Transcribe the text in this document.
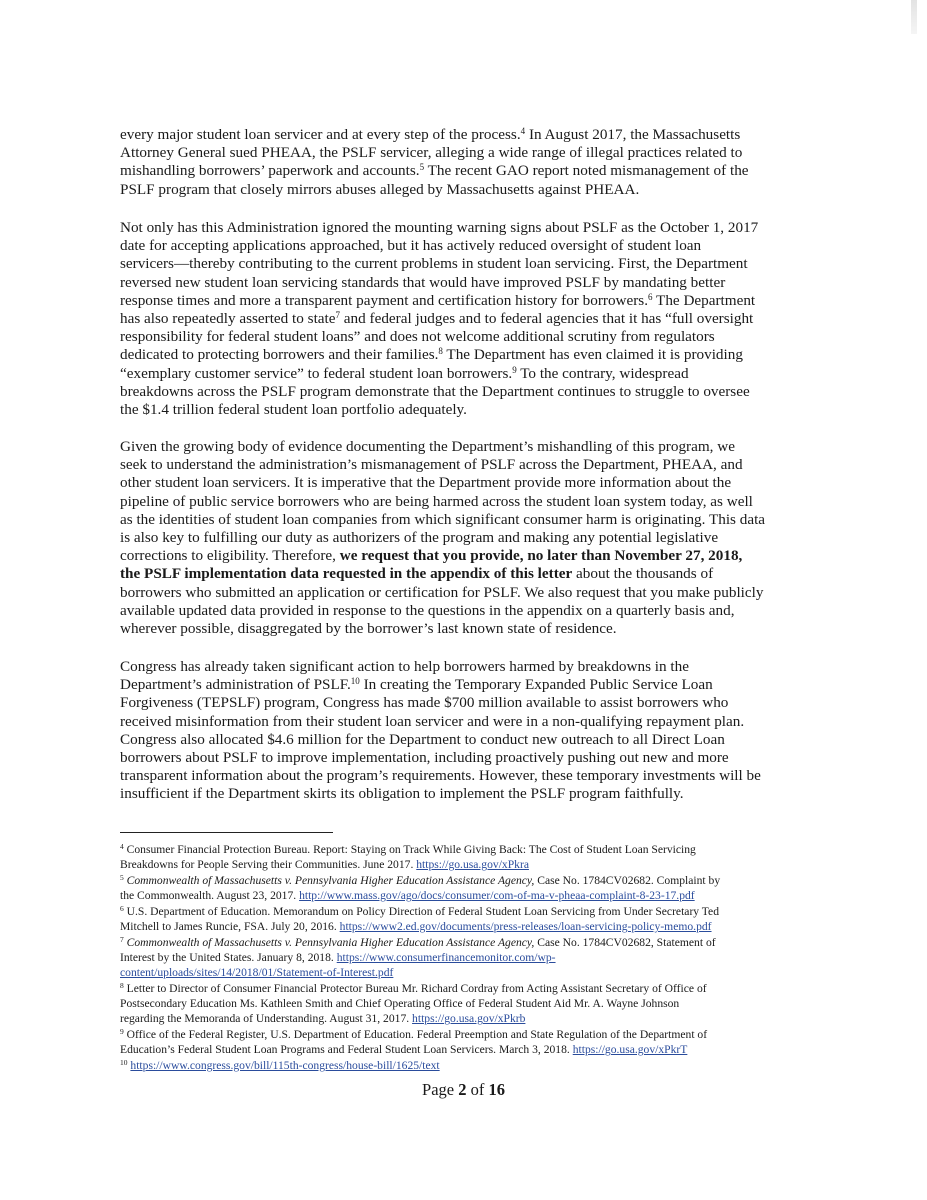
every major student loan servicer and at every step of the process.$^4$ In August 2017, the Massachusetts
Attorney General sued PHEAA, the PSLF servicer, alleging a wide range of illegal practices related to
mishandling borrowers’ paperwork and accounts.$^5$ The recent GAO report noted mismanagement of the
PSLF program that closely mirrors abuses alleged by Massachusetts against PHEAA.
Not only has this Administration ignored the mounting warning signs about PSLF as the October 1, 2017
date for accepting applications approached, but it has actively reduced oversight of student loan
servicers—thereby contributing to the current problems in student loan servicing. First, the Department
reversed new student loan servicing standards that would have improved PSLF by mandating better
response times and more a transparent payment and certification history for borrowers.$^6$ The Department
has also repeatedly asserted to state$^7$ and federal judges and to federal agencies that it has “full oversight
responsibility for federal student loans” and does not welcome additional scrutiny from regulators
dedicated to protecting borrowers and their families.$^8$ The Department has even claimed it is providing
“exemplary customer service” to federal student loan borrowers.$^9$ To the contrary, widespread
breakdowns across the PSLF program demonstrate that the Department continues to struggle to oversee
the $1.4 trillion federal student loan portfolio adequately.
Given the growing body of evidence documenting the Department’s mishandling of this program, we
seek to understand the administration’s mismanagement of PSLF across the Department, PHEAA, and
other student loan servicers. It is imperative that the Department provide more information about the
pipeline of public service borrowers who are being harmed across the student loan system today, as well
as the identities of student loan companies from which significant consumer harm is originating. This data
is also key to fulfilling our duty as authorizers of the program and making any potential legislative
corrections to eligibility. Therefore, we request that you provide, no later than November 27, 2018,
the PSLF implementation data requested in the appendix of this letter about the thousands of
borrowers who submitted an application or certification for PSLF. We also request that you make publicly
available updated data provided in response to the questions in the appendix on a quarterly basis and,
wherever possible, disaggregated by the borrower’s last known state of residence.
Congress has already taken significant action to help borrowers harmed by breakdowns in the
Department’s administration of PSLF.$^{10}$ In creating the Temporary Expanded Public Service Loan
Forgiveness (TEPSLF) program, Congress has made $700 million available to assist borrowers who
received misinformation from their student loan servicer and were in a non-qualifying repayment plan.
Congress also allocated $4.6 million for the Department to conduct new outreach to all Direct Loan
borrowers about PSLF to improve implementation, including proactively pushing out new and more
transparent information about the program’s requirements. However, these temporary investments will be
insufficient if the Department skirts its obligation to implement the PSLF program faithfully.
$^4$ Consumer Financial Protection Bureau. Report: Staying on Track While Giving Back: The Cost of Student Loan Servicing
Breakdowns for People Serving their Communities. June 2017. https://go.usa.gov/xPkra
$^5$ Commonwealth of Massachusetts v. Pennsylvania Higher Education Assistance Agency, Case No. 1784CV02682. Complaint by
the Commonwealth. August 23, 2017. http://www.mass.gov/ago/docs/consumer/com-of-ma-v-pheaa-complaint-8-23-17.pdf
$^6$ U.S. Department of Education. Memorandum on Policy Direction of Federal Student Loan Servicing from Under Secretary Ted
Mitchell to James Runcie, FSA. July 20, 2016. https://www2.ed.gov/documents/press-releases/loan-servicing-policy-memo.pdf
$^7$ Commonwealth of Massachusetts v. Pennsylvania Higher Education Assistance Agency, Case No. 1784CV02682, Statement of
Interest by the United States. January 8, 2018. https://www.consumerfinancemonitor.com/wp-
content/uploads/sites/14/2018/01/Statement-of-Interest.pdf
$^8$ Letter to Director of Consumer Financial Protector Bureau Mr. Richard Cordray from Acting Assistant Secretary of Office of
Postsecondary Education Ms. Kathleen Smith and Chief Operating Office of Federal Student Aid Mr. A. Wayne Johnson
regarding the Memoranda of Understanding. August 31, 2017. https://go.usa.gov/xPkrb
$^9$ Office of the Federal Register, U.S. Department of Education. Federal Preemption and State Regulation of the Department of
Education’s Federal Student Loan Programs and Federal Student Loan Servicers. March 3, 2018. https://go.usa.gov/xPkrT
$^{10}$ https://www.congress.gov/bill/115th-congress/house-bill/1625/text
Page 2 of 16
